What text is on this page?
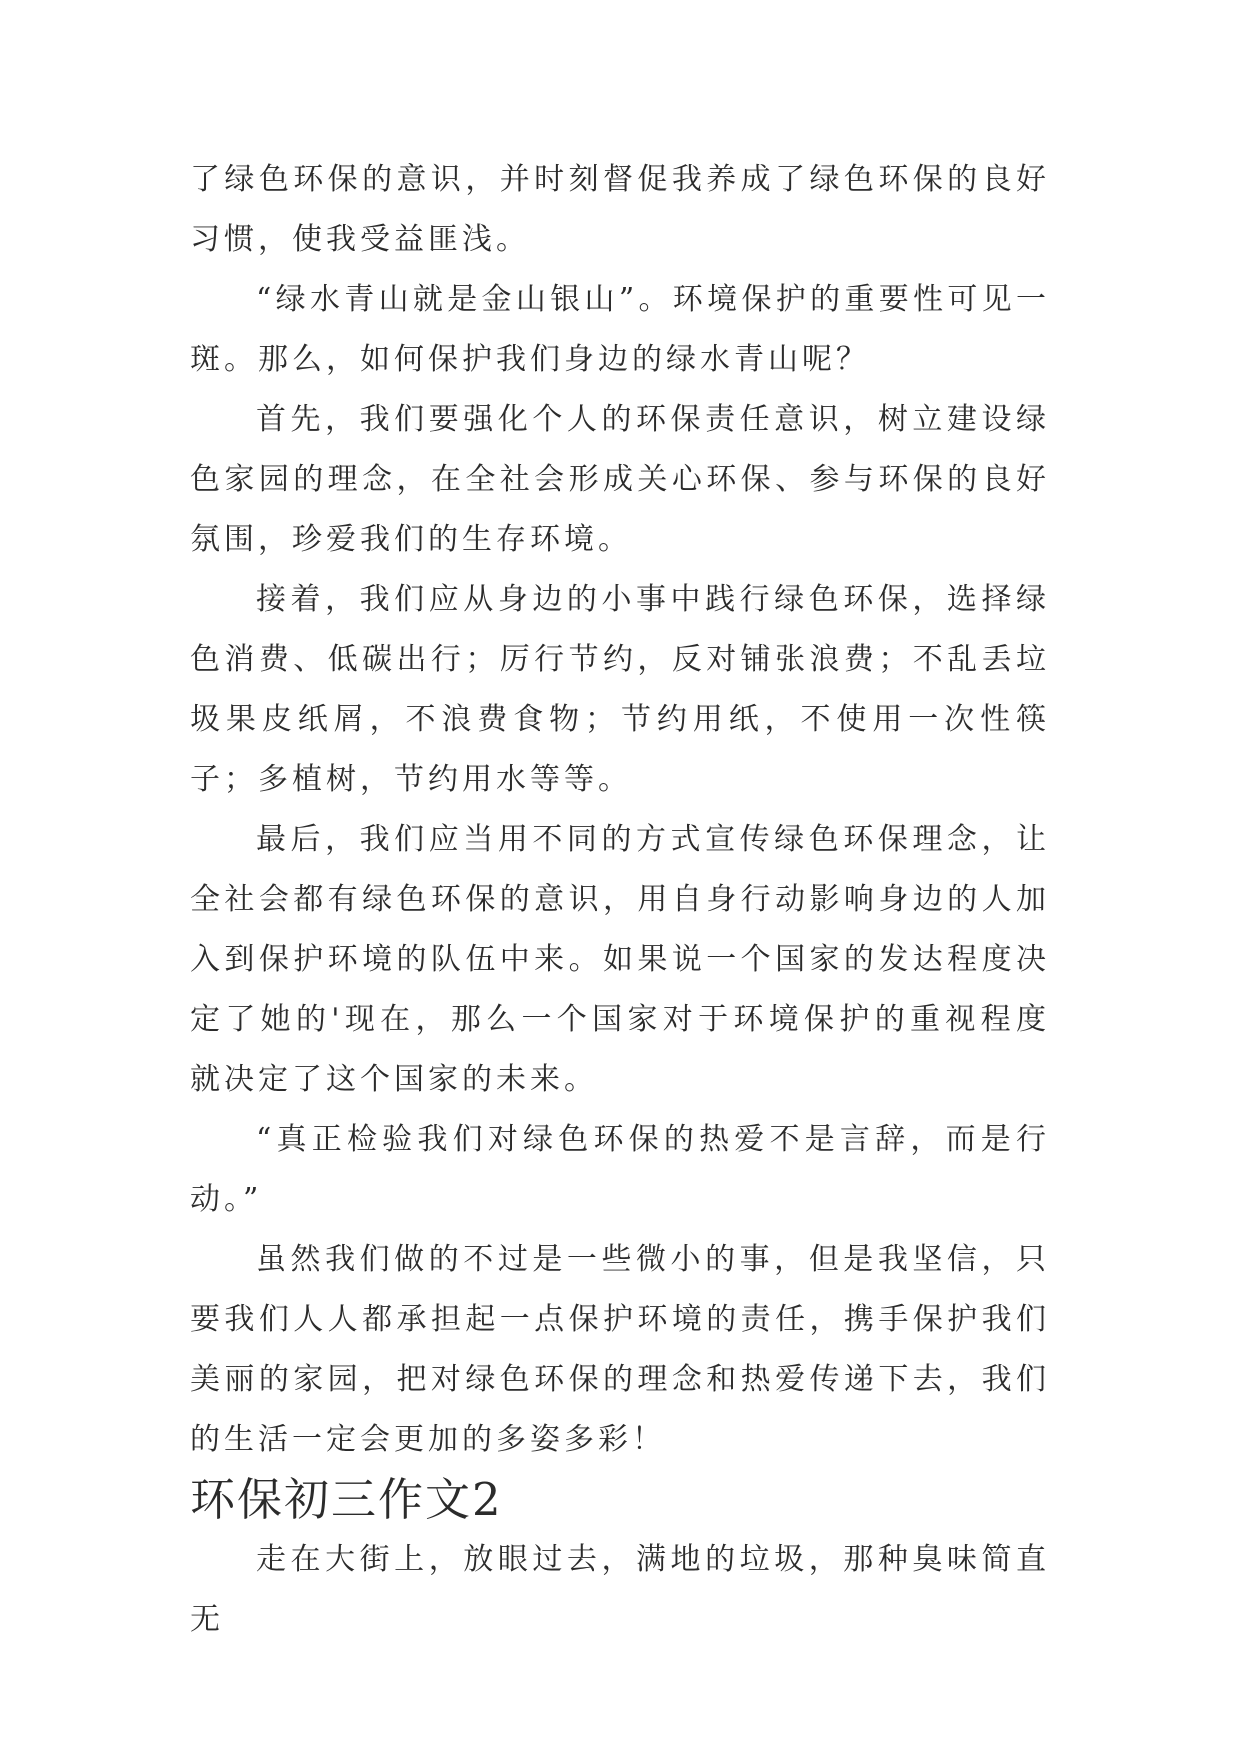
了绿色环保的意识，并时刻督促我养成了绿色环保的良好习惯，使我受益匪浅。

“绿水青山就是金山银山”。环境保护的重要性可见一斑。那么，如何保护我们身边的绿水青山呢？

首先，我们要强化个人的环保责任意识，树立建设绿色家园的理念，在全社会形成关心环保、参与环保的良好氛围，珍爱我们的生存环境。

接着，我们应从身边的小事中践行绿色环保，选择绿色消费、低碳出行；厉行节约，反对铺张浪费；不乱丢垃圾果皮纸屑，不浪费食物；节约用纸，不使用一次性筷子；多植树，节约用水等等。

最后，我们应当用不同的方式宣传绿色环保理念，让全社会都有绿色环保的意识，用自身行动影响身边的人加入到保护环境的队伍中来。如果说一个国家的发达程度决定了她的'现在，那么一个国家对于环境保护的重视程度就决定了这个国家的未来。

“真正检验我们对绿色环保的热爱不是言辞，而是行动。”

虽然我们做的不过是一些微小的事，但是我坚信，只要我们人人都承担起一点保护环境的责任，携手保护我们美丽的家园，把对绿色环保的理念和热爱传递下去，我们的生活一定会更加的多姿多彩！

环保初三作文2

走在大街上，放眼过去，满地的垃圾，那种臭味简直无
